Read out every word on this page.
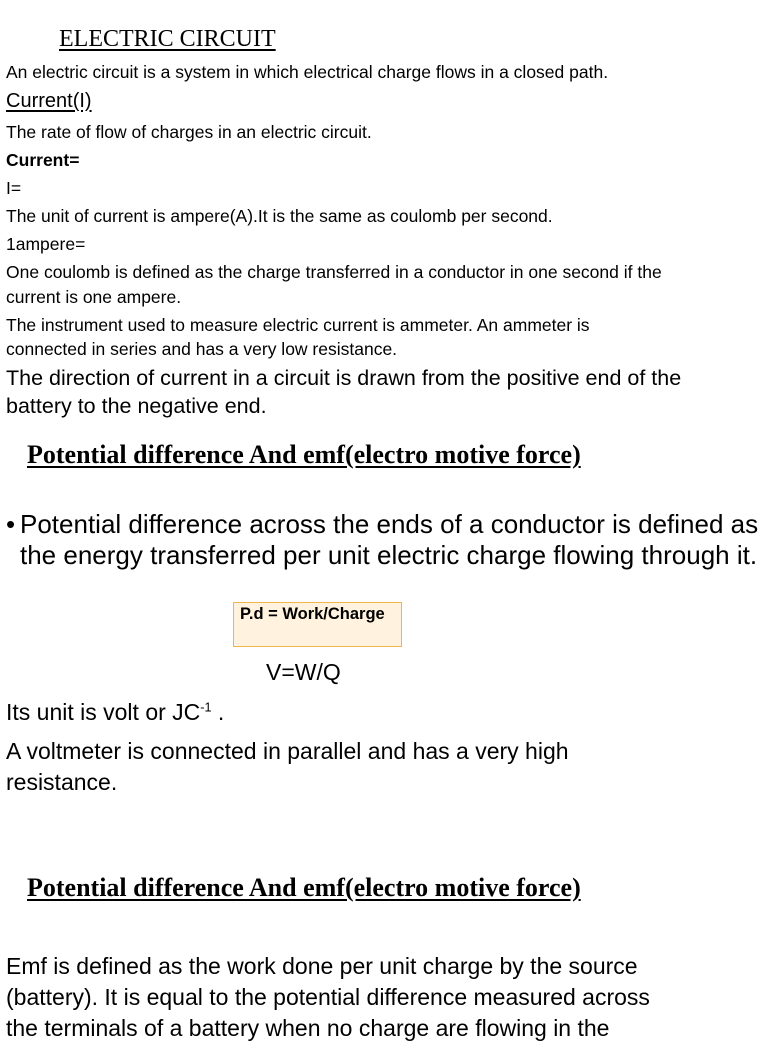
ELECTRIC CIRCUIT
An electric circuit is a system in which electrical charge flows in a closed path.
Current(I)
The rate of flow of charges in an electric circuit.
Current=
I=
The unit of current is ampere(A).It is the same as coulomb per second.
1ampere=
One coulomb is defined as the charge transferred in a conductor in one second if the
current is one ampere.
The instrument used to measure electric current is ammeter. An ammeter is
connected in series and has a very low resistance.
The direction of current in a circuit is drawn from the positive end of the
battery to the negative end.
Potential difference And emf(electro motive force)
• Potential difference across the ends of a conductor is defined as the energy transferred per unit electric charge flowing through it.
P.d = Work/Charge
V=W/Q
Its unit is volt or $JC^{-1}$ .
A voltmeter is connected in parallel and has a very high
resistance.
Potential difference And emf(electro motive force)
Emf is defined as the work done per unit charge by the source
(battery). It is equal to the potential difference measured across
the terminals of a battery when no charge are flowing in the
